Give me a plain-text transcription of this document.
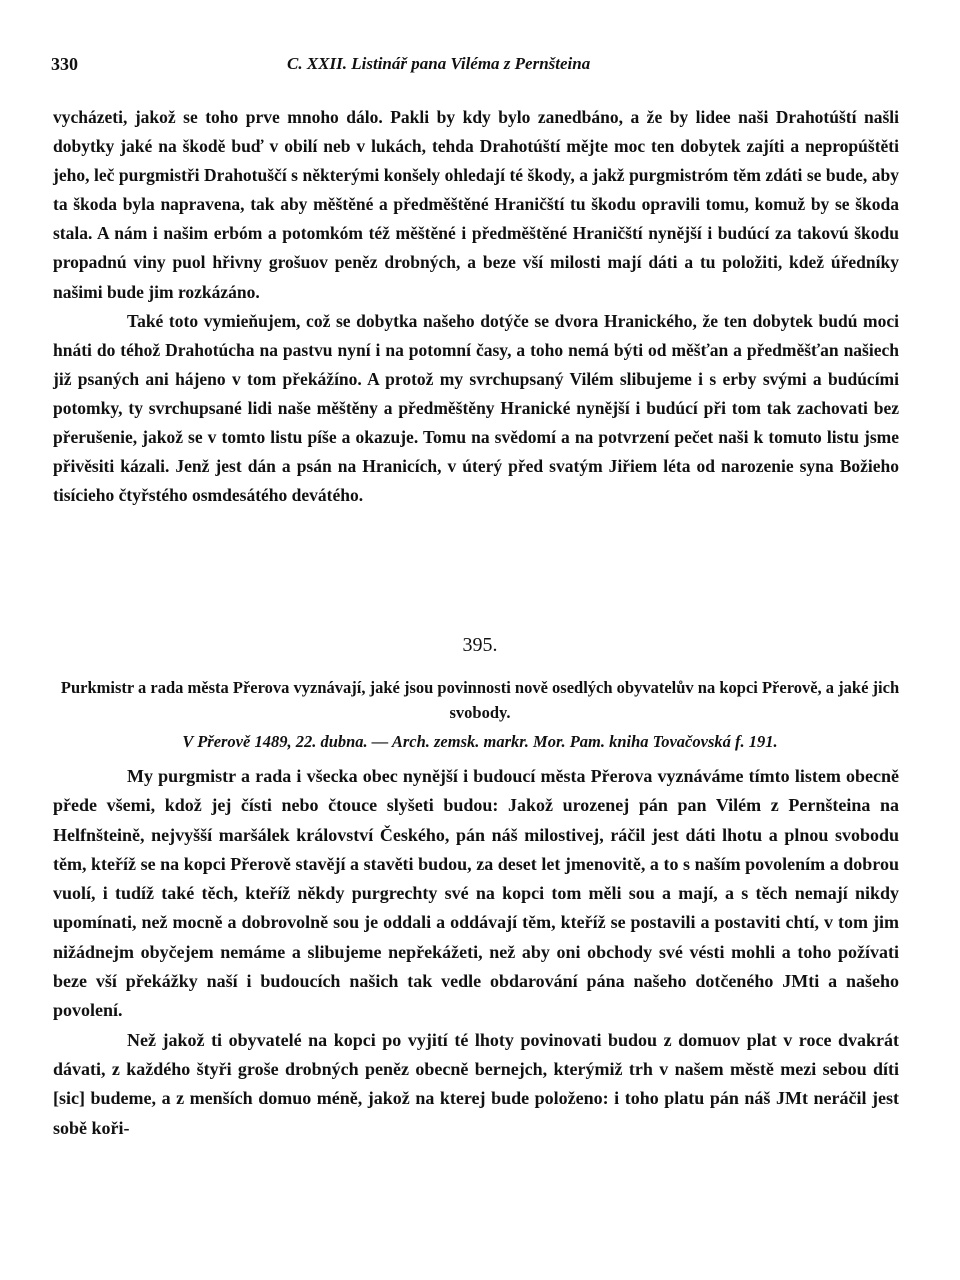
330	C. XXII. Listinář pana Viléma z Pernšteina

vycházeti, jakož se toho prve mnoho dálo. Pakli by kdy bylo zanedbáno, a že by lidee naši Drahotúští našli dobytky jaké na škodě buď v obilí neb v lukách, tehda Drahotúští mějte moc ten dobytek zajíti a nepropúštěti jeho, leč purgmistři Drahotuščí s některými konšely ohledají té škody, a jakž purgmistróm těm zdáti se bude, aby ta škoda byla napravena, tak aby měštěné a předměštěné Hraničští tu škodu opravili tomu, komuž by se škoda stala. A nám i našim erbóm a potomkóm též měštěné i předměštěné Hraničští nynější i budúcí za takovú škodu propadnú viny puol hřivny grošuov peněz drobných, a beze vší milosti mají dáti a tu položiti, kdež úředníky našimi bude jim rozkázáno.

Také toto vymieňujem, což se dobytka našeho dotýče se dvora Hranického, že ten dobytek budú moci hnáti do téhož Drahotúcha na pastvu nyní i na potomní časy, a toho nemá býti od měšťan a předměšťan našiech již psaných ani hájeno v tom překážíno. A protož my svrchupsaný Vilém slibujeme i s erby svými a budúcími potomky, ty svrchupsané lidi naše měštěny a předměštěny Hranické nynější i budúcí při tom tak zachovati bez přerušenie, jakož se v tomto listu píše a okazuje. Tomu na svědomí a na potvrzení pečet naši k tomuto listu jsme přivěsiti kázali. Jenž jest dán a psán na Hranicích, v úterý před svatým Jiřiem léta od narozenie syna Božieho tisícieho čtyřstého osmdesátého devátého.

395.
Purkmistr a rada města Přerova vyznávají, jaké jsou povinnosti nově osedlých obyvatelův na kopci Přerově, a jaké jich svobody.
V Přerově 1489, 22. dubna. — Arch. zemsk. markr. Mor. Pam. kniha Tovačovská f. 191.

My purgmistr a rada i všecka obec nynější i budoucí města Přerova vyznáváme tímto listem obecně přede všemi, kdož jej čísti nebo čtouce slyšeti budou: Jakož urozenej pán pan Vilém z Pernšteina na Helfnšteině, nejvyšší maršálek království Českého, pán náš milostivej, ráčil jest dáti lhotu a plnou svobodu těm, kteříž se na kopci Přerově stavějí a stavěti budou, za deset let jmenovitě, a to s naším povolením a dobrou vuolí, i tudíž také těch, kteříž někdy purgrechty své na kopci tom měli sou a mají, a s těch nemají nikdy upomínati, než mocně a dobrovolně sou je oddali a oddávají těm, kteříž se postavili a postaviti chtí, v tom jim nižádnejm obyčejem nemáme a slibujeme nepřekážeti, než aby oni obchody své vésti mohli a toho požívati beze vší překážky naší i budoucích našich tak vedle obdarování pána našeho dotčeného JMti a našeho povolení.

Než jakož ti obyvatelé na kopci po vyjití té lhoty povinovati budou z domuov plat v roce dvakrát dávati, z každého štyři groše drobných peněz obecně bernejch, kterýmiž trh v našem městě mezi sebou díti [sic] budeme, a z menších domuo méně, jakož na kterej bude položeno: i toho platu pán náš JMt neráčil jest sobě koři-
